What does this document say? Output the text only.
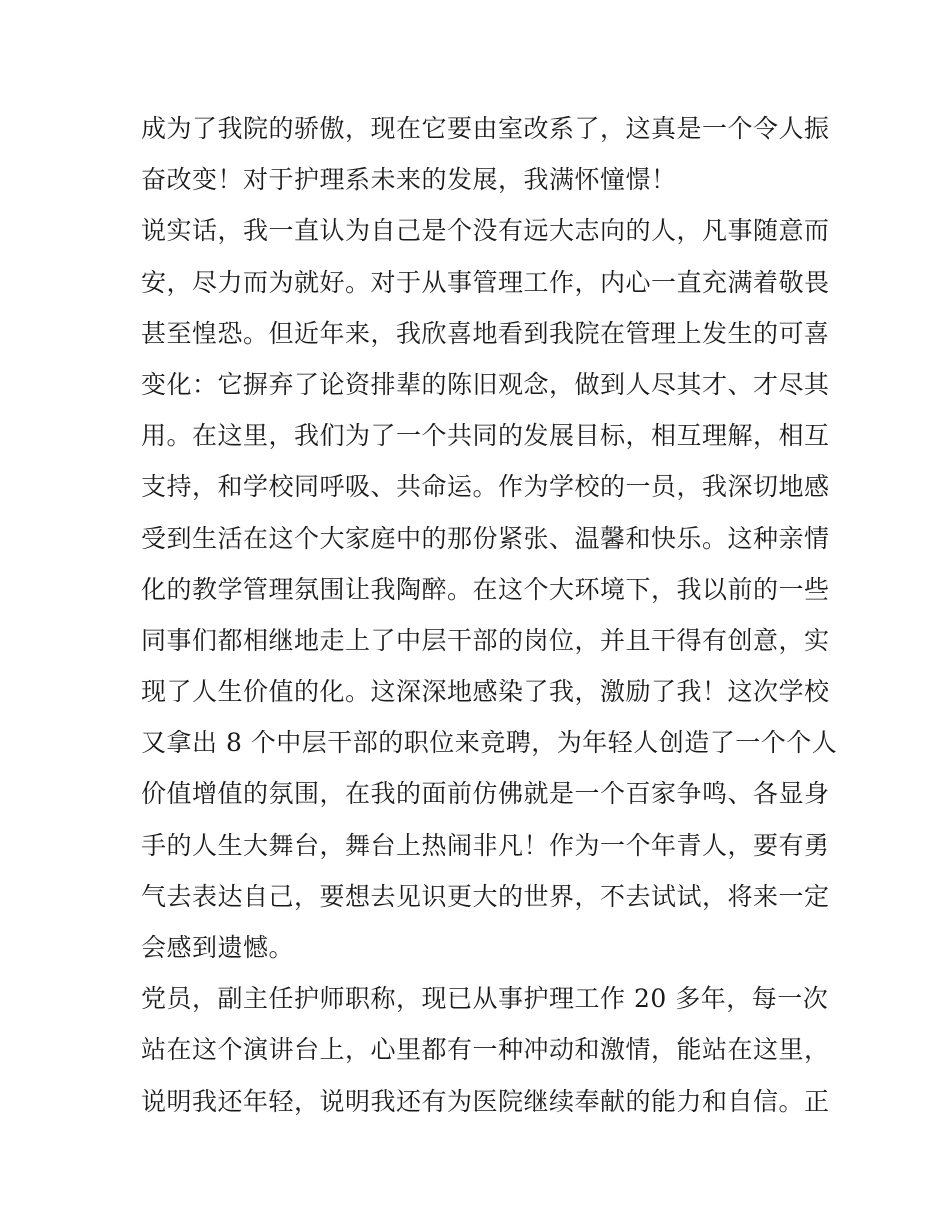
成为了我院的骄傲，现在它要由室改系了，这真是一个令人振
奋改变！对于护理系未来的发展，我满怀憧憬！
说实话，我一直认为自己是个没有远大志向的人，凡事随意而
安，尽力而为就好。对于从事管理工作，内心一直充满着敬畏
甚至惶恐。但近年来，我欣喜地看到我院在管理上发生的可喜
变化：它摒弃了论资排辈的陈旧观念，做到人尽其才、才尽其
用。在这里，我们为了一个共同的发展目标，相互理解，相互
支持，和学校同呼吸、共命运。作为学校的一员，我深切地感
受到生活在这个大家庭中的那份紧张、温馨和快乐。这种亲情
化的教学管理氛围让我陶醉。在这个大环境下，我以前的一些
同事们都相继地走上了中层干部的岗位，并且干得有创意，实
现了人生价值的化。这深深地感染了我，激励了我！这次学校
又拿出 8 个中层干部的职位来竞聘，为年轻人创造了一个个人
价值增值的氛围，在我的面前仿佛就是一个百家争鸣、各显身
手的人生大舞台，舞台上热闹非凡！作为一个年青人，要有勇
气去表达自己，要想去见识更大的世界，不去试试，将来一定
会感到遗憾。
党员，副主任护师职称，现已从事护理工作 20 多年，每一次
站在这个演讲台上，心里都有一种冲动和激情，能站在这里，
说明我还年轻，说明我还有为医院继续奉献的能力和自信。正
